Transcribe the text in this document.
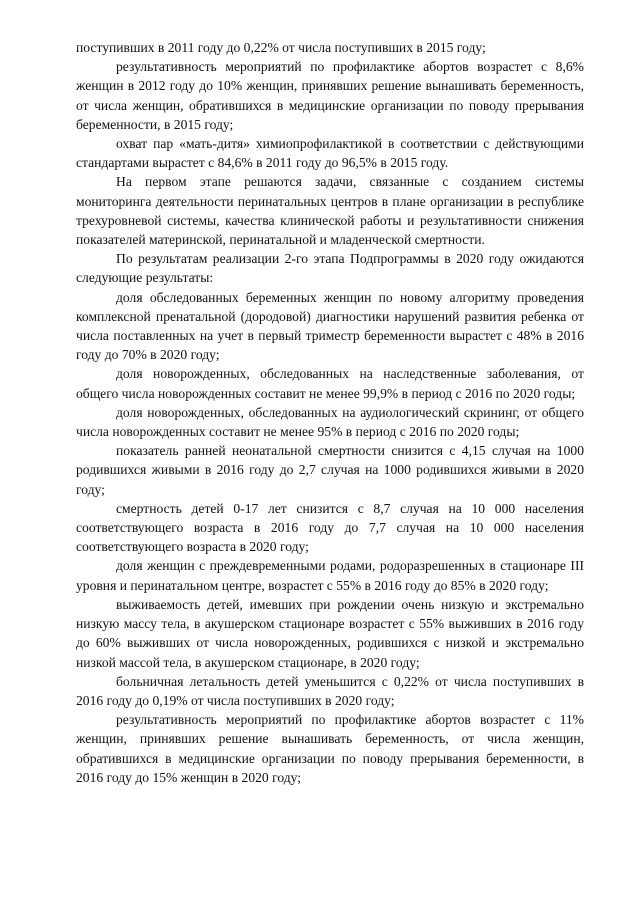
поступивших в 2011 году до 0,22% от числа поступивших в 2015 году;

результативность мероприятий по профилактике абортов возрастет с 8,6% женщин в 2012 году до 10% женщин, принявших решение вынашивать беременность, от числа женщин, обратившихся в медицинские организации по поводу прерывания беременности, в 2015 году;

охват пар «мать-дитя» химиопрофилактикой в соответствии с действующими стандартами вырастет с 84,6% в 2011 году до 96,5% в 2015 году.

На первом этапе решаются задачи, связанные с созданием системы мониторинга деятельности перинатальных центров в плане организации в республике трехуровневой системы, качества клинической работы и результативности снижения показателей материнской, перинатальной и младенческой смертности.

По результатам реализации 2-го этапа Подпрограммы в 2020 году ожидаются следующие результаты:

доля обследованных беременных женщин по новому алгоритму проведения комплексной пренатальной (дородовой) диагностики нарушений развития ребенка от числа поставленных на учет в первый триместр беременности вырастет с 48% в 2016 году до 70% в 2020 году;

доля новорожденных, обследованных на наследственные заболевания, от общего числа новорожденных составит не менее 99,9% в период с 2016 по 2020 годы;

доля новорожденных, обследованных на аудиологический скрининг, от общего числа новорожденных составит не менее 95% в период с 2016 по 2020 годы;

показатель ранней неонатальной смертности снизится с 4,15 случая на 1000 родившихся живыми в 2016 году до 2,7 случая на 1000 родившихся живыми в 2020 году;

смертность детей 0-17 лет снизится с 8,7 случая на 10 000 населения соответствующего возраста в 2016 году до 7,7 случая на 10 000 населения соответствующего возраста в 2020 году;

доля женщин с преждевременными родами, родоразрешенных в стационаре III уровня и перинатальном центре, возрастет с 55% в 2016 году до 85% в 2020 году;

выживаемость детей, имевших при рождении очень низкую и экстремально низкую массу тела, в акушерском стационаре возрастет с 55% выживших в 2016 году до 60% выживших от числа новорожденных, родившихся с низкой и экстремально низкой массой тела, в акушерском стационаре, в 2020 году;

больничная летальность детей уменьшится с 0,22% от числа поступивших в 2016 году до 0,19% от числа поступивших в 2020 году;

результативность мероприятий по профилактике абортов возрастет с 11% женщин, принявших решение вынашивать беременность, от числа женщин, обратившихся в медицинские организации по поводу прерывания беременности, в 2016 году до 15% женщин в 2020 году;
